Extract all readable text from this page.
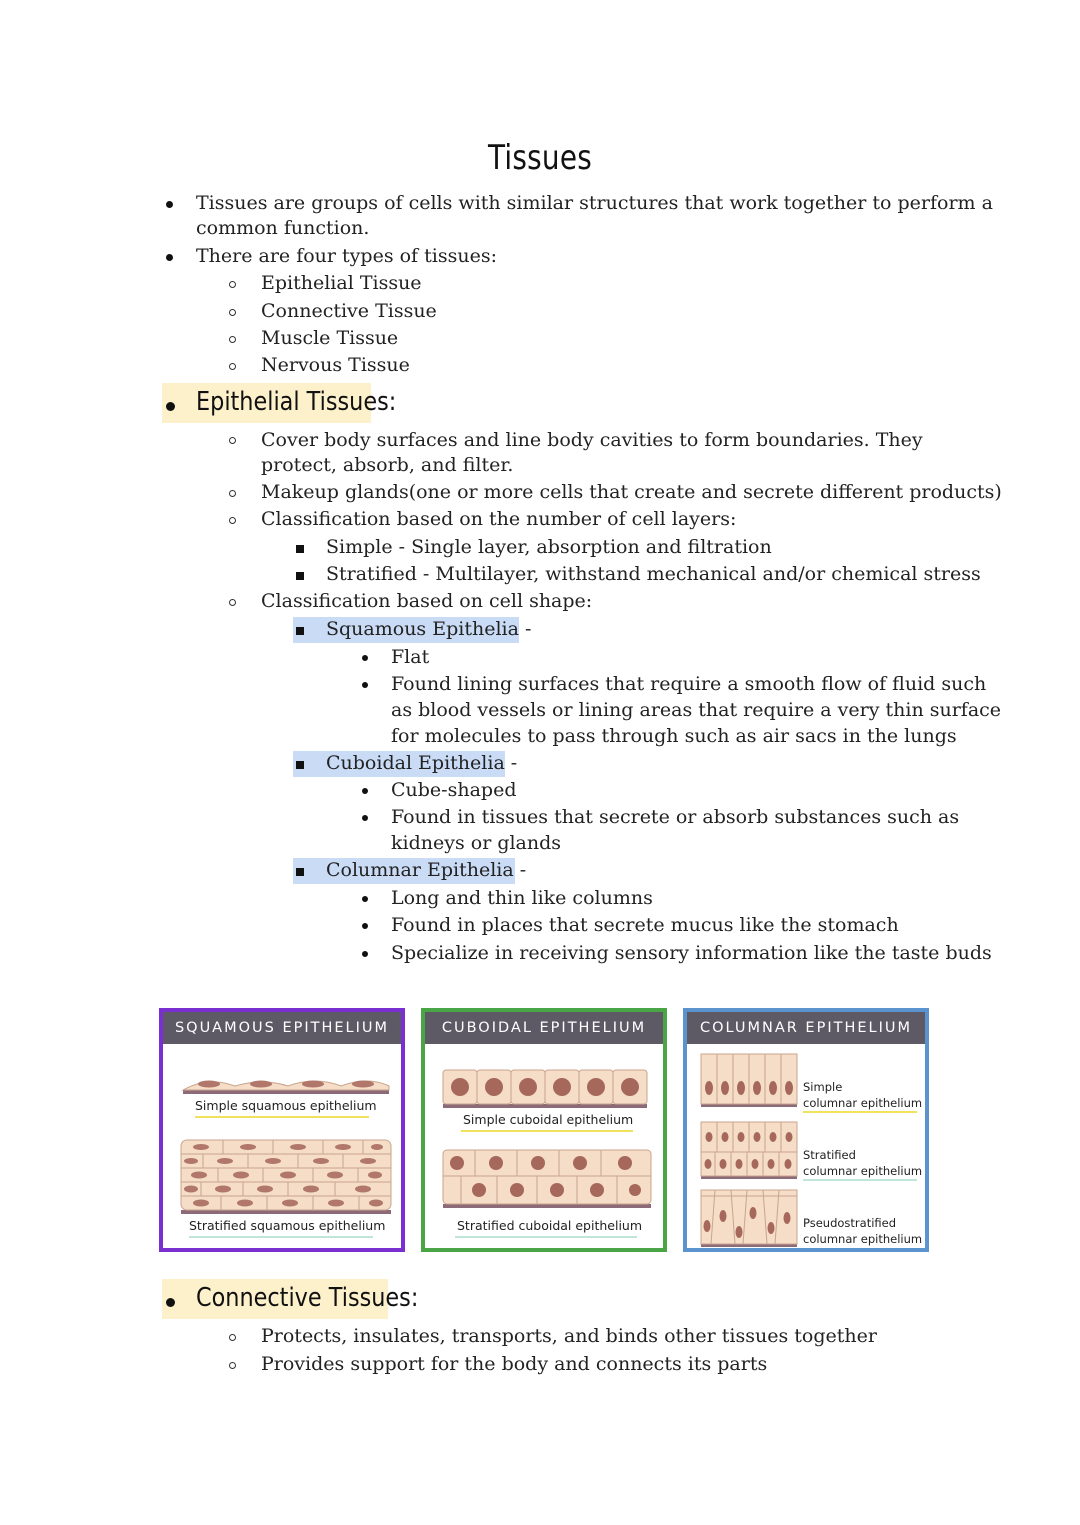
Tissues
Tissues are groups of cells with similar structures that work together to perform a
common function.
There are four types of tissues:
Epithelial Tissue
Connective Tissue
Muscle Tissue
Nervous Tissue
Epithelial Tissues:
Cover body surfaces and line body cavities to form boundaries. They
protect, absorb, and filter.
Makeup glands(one or more cells that create and secrete different products)
Classification based on the number of cell layers:
Simple - Single layer, absorption and filtration
Stratified - Multilayer, withstand mechanical and/or chemical stress
Classification based on cell shape:
Squamous Epithelia -
Flat
Found lining surfaces that require a smooth flow of fluid such
as blood vessels or lining areas that require a very thin surface
for molecules to pass through such as air sacs in the lungs
Cuboidal Epithelia -
Cube-shaped
Found in tissues that secrete or absorb substances such as
kidneys or glands
Columnar Epithelia -
Long and thin like columns
Found in places that secrete mucus like the stomach
Specialize in receiving sensory information like the taste buds
SQUAMOUS EPITHELIUM
Simple squamous epithelium
Stratified squamous epithelium
CUBOIDAL EPITHELIUM
Simple cuboidal epithelium
Stratified cuboidal epithelium
COLUMNAR EPITHELIUM
Simple
columnar epithelium
Stratified
columnar epithelium
Pseudostratified
columnar epithelium
Connective Tissues:
Protects, insulates, transports, and binds other tissues together
Provides support for the body and connects its parts
